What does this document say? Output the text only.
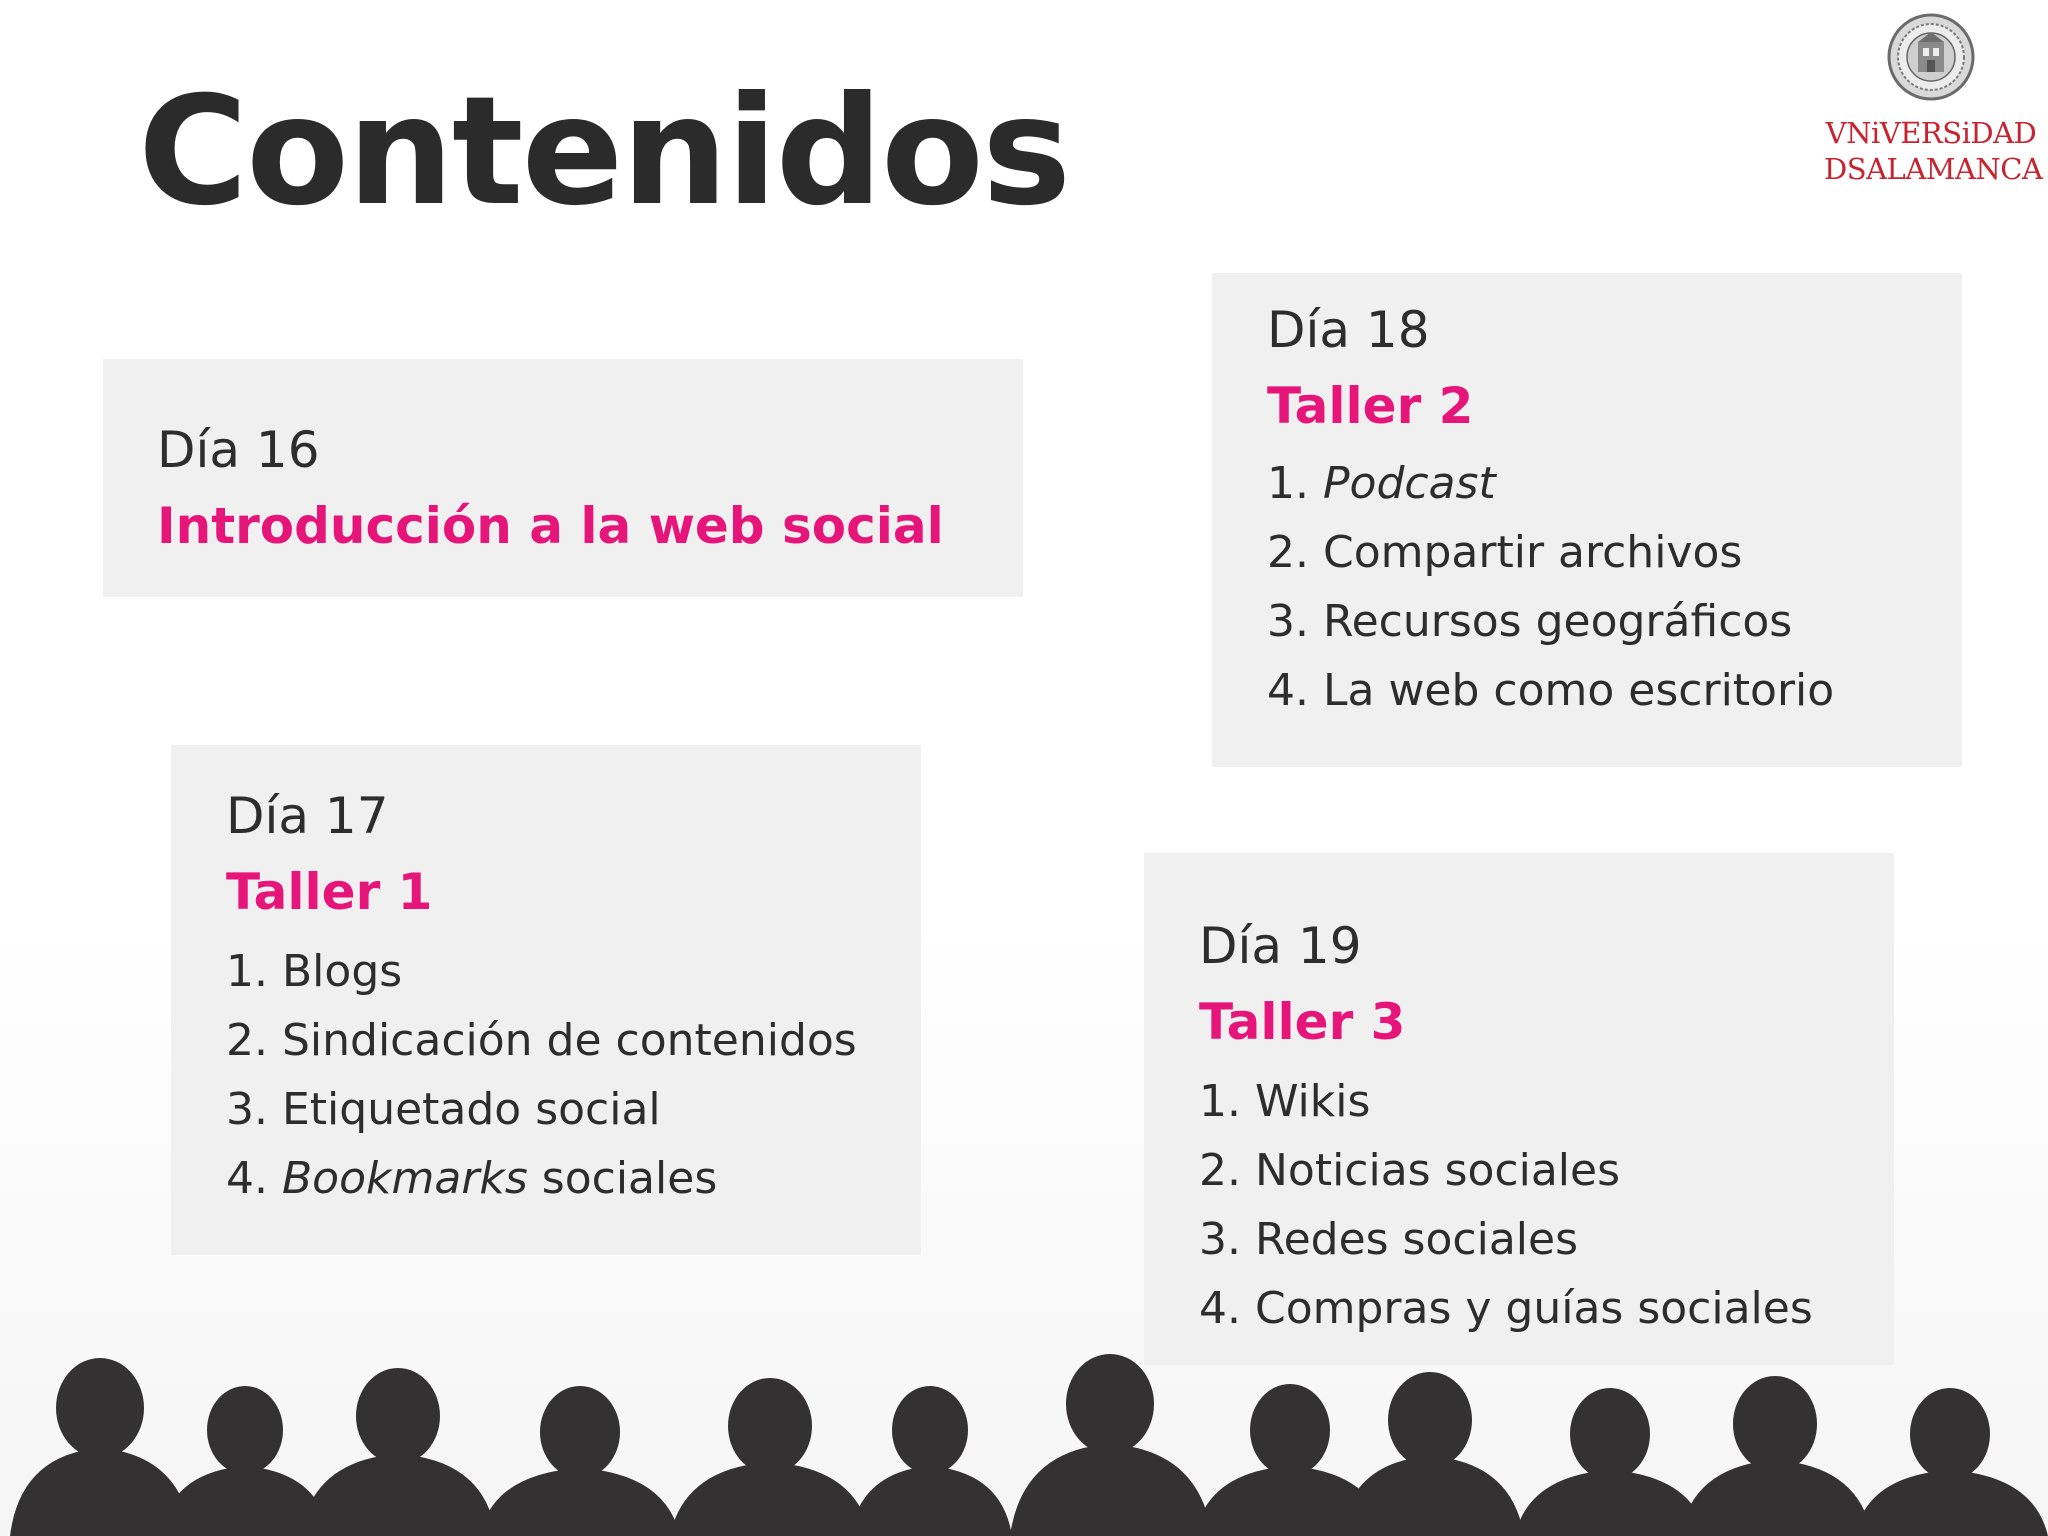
Contenidos	VNiVERSiDAD
DSALAMANCA
Día 16
Introducción a la web social
Día 17
Taller 1
1. Blogs
2. Sindicación de contenidos
3. Etiquetado social
4. Bookmarks sociales
Día 18
Taller 2
1. Podcast
2. Compartir archivos
3. Recursos geográficos
4. La web como escritorio
Día 19
Taller 3
1. Wikis
2. Noticias sociales
3. Redes sociales
4. Compras y guías sociales
